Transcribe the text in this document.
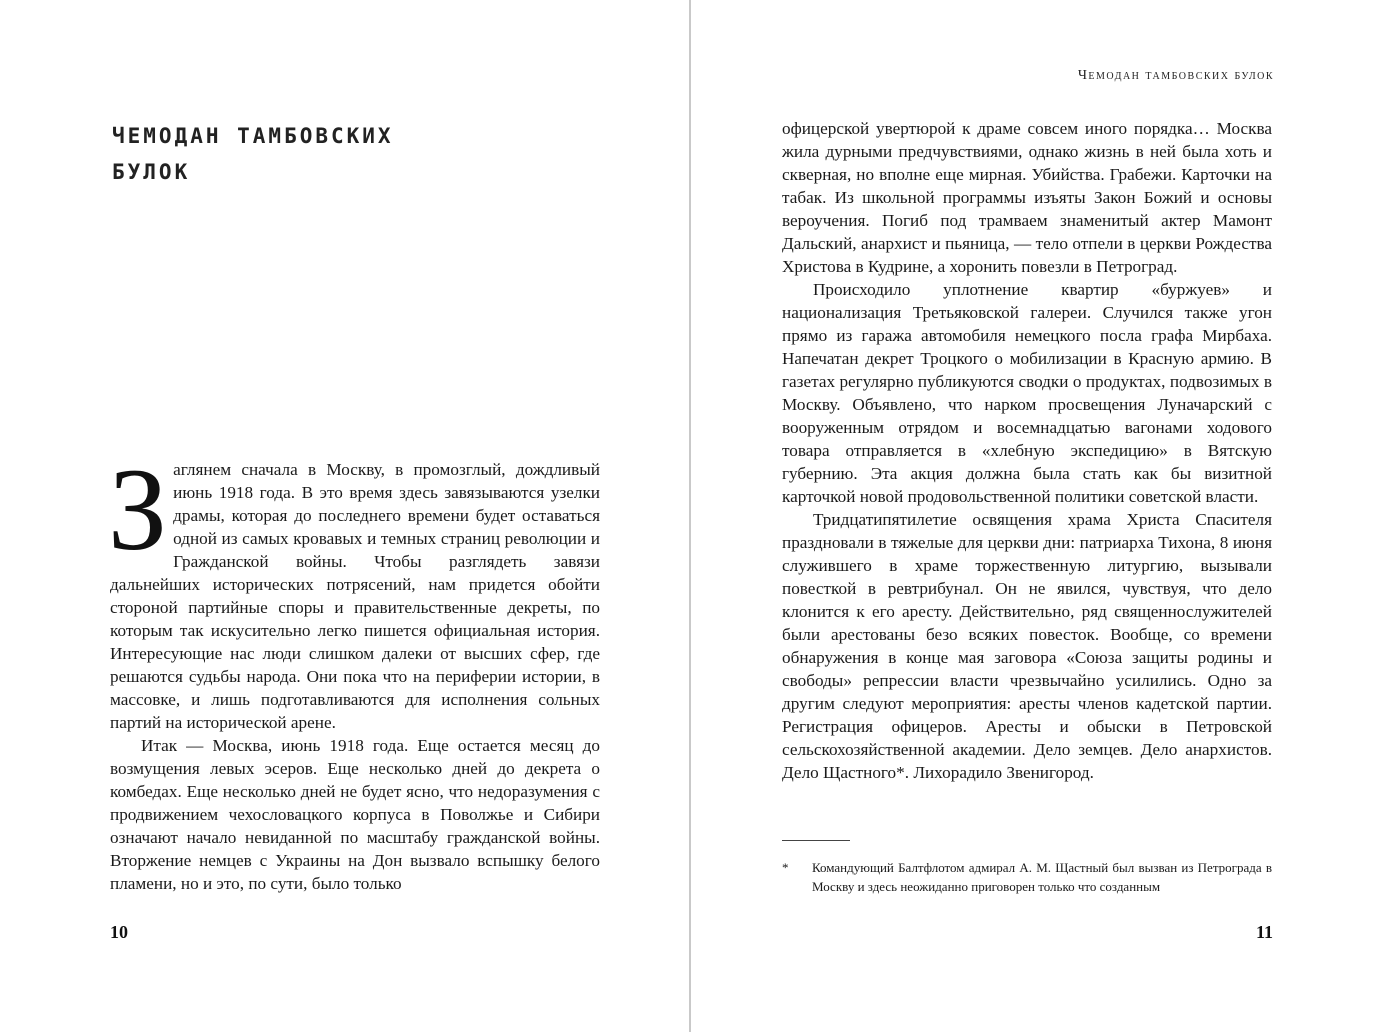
ЧЕМОДАН ТАМБОВСКИХ БУЛОК

Заглянем сначала в Москву, в промозглый, дождливый июнь 1918 года. В это время здесь завязываются узелки драмы, которая до последнего времени будет оставаться одной из самых кровавых и темных страниц революции и Гражданской войны. Чтобы разглядеть завязи дальнейших исторических потрясений, нам придется обойти стороной партийные споры и правительственные декреты, по которым так искусительно легко пишется официальная история. Интересующие нас люди слишком далеки от высших сфер, где решаются судьбы народа. Они пока что на периферии истории, в массовке, и лишь подготавливаются для исполнения сольных партий на исторической арене.

Итак — Москва, июнь 1918 года. Еще остается месяц до возмущения левых эсеров. Еще несколько дней до декрета о комбедах. Еще несколько дней не будет ясно, что недоразумения с продвижением чехословацкого корпуса в Поволжье и Сибири означают начало невиданной по масштабу гражданской войны. Вторжение немцев с Украины на Дон вызвало вспышку белого пламени, но и это, по сути, было только

10
Чемодан тамбовских булок

офицерской увертюрой к драме совсем иного порядка… Москва жила дурными предчувствиями, однако жизнь в ней была хоть и скверная, но вполне еще мирная. Убийства. Грабежи. Карточки на табак. Из школьной программы изъяты Закон Божий и основы вероучения. Погиб под трамваем знаменитый актер Мамонт Дальский, анархист и пьяница, — тело отпели в церкви Рождества Христова в Кудрине, а хоронить повезли в Петроград.

Происходило уплотнение квартир «буржуев» и национализация Третьяковской галереи. Случился также угон прямо из гаража автомобиля немецкого посла графа Мирбаха. Напечатан декрет Троцкого о мобилизации в Красную армию. В газетах регулярно публикуются сводки о продуктах, подвозимых в Москву. Объявлено, что нарком просвещения Луначарский с вооруженным отрядом и восемнадцатью вагонами ходового товара отправляется в «хлебную экспедицию» в Вятскую губернию. Эта акция должна была стать как бы визитной карточкой новой продовольственной политики советской власти.

Тридцатипятилетие освящения храма Христа Спасителя праздновали в тяжелые для церкви дни: патриарха Тихона, 8 июня служившего в храме торжественную литургию, вызывали повесткой в ревтрибунал. Он не явился, чувствуя, что дело клонится к его аресту. Действительно, ряд священнослужителей были арестованы безо всяких повесток. Вообще, со времени обнаружения в конце мая заговора «Союза защиты родины и свободы» репрессии власти чрезвычайно усилились. Одно за другим следуют мероприятия: аресты членов кадетской партии. Регистрация офицеров. Аресты и обыски в Петровской сельскохозяйственной академии. Дело земцев. Дело анархистов. Дело Щастного*. Лихорадило Звенигород.

* Командующий Балтфлотом адмирал А. М. Щастный был вызван из Петрограда в Москву и здесь неожиданно приговорен только что созданным
11
